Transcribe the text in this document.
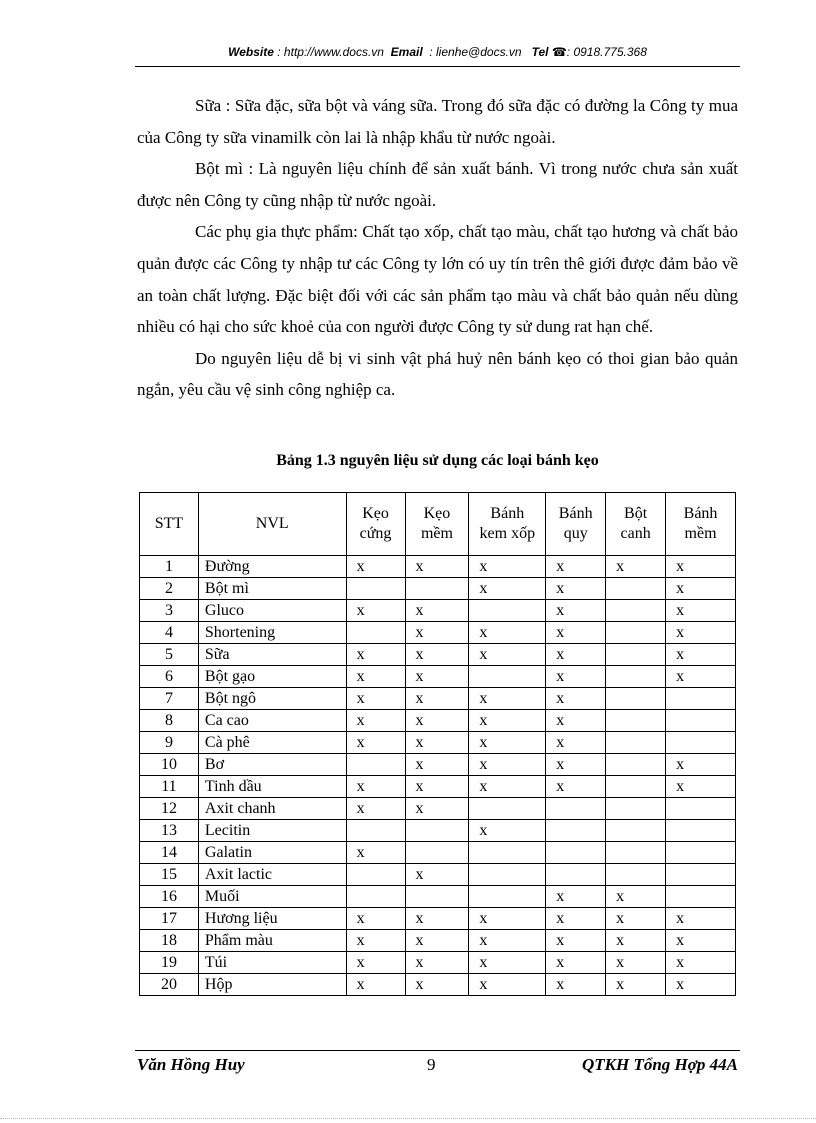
Website : http://www.docs.vn Email : lienhe@docs.vn Tel ☎: 0918.775.368

Sữa : Sữa đặc, sữa bột và váng sữa. Trong đó sữa đặc có đường la Công ty mua của Công ty sữa vinamilk còn lai là nhập khẩu từ nước ngoài.

Bột mì : Là nguyên liệu chính để sản xuất bánh. Vì trong nước chưa sản xuất được nên Công ty cũng nhập từ nước ngoài.

Các phụ gia thực phẩm: Chất tạo xốp, chất tạo màu, chất tạo hương và chất bảo quản được các Công ty nhập tư các Công ty lớn có uy tín trên thê giới được đảm bảo về an toàn chất lượng. Đặc biệt đối với các sản phẩm tạo màu và chất bảo quản nếu dùng nhiều có hại cho sức khoẻ của con người được Công ty sử dung rat hạn chế.

Do nguyên liệu dễ bị vi sinh vật phá huỷ nên bánh kẹo có thoi gian bảo quản ngắn, yêu cầu vệ sinh công nghiệp ca.

Bảng 1.3 nguyên liệu sử dụng các loại bánh kẹo
STT	NVL	Kẹo cứng	Kẹo mềm	Bánh kem xốp	Bánh quy	Bột canh	Bánh mềm
1	Đường	x	x	x	x	x	x
2	Bột mì			x	x		x
3	Gluco	x	x		x		x
4	Shortening		x	x	x		x
5	Sữa	x	x	x	x		x
6	Bột gạo	x	x		x		x
7	Bột ngô	x	x	x	x		
8	Ca cao	x	x	x	x		
9	Cà phê	x	x	x	x		
10	Bơ		x	x	x		x
11	Tinh dầu	x	x	x	x		x
12	Axit chanh	x	x				
13	Lecitin			x			
14	Galatin	x					
15	Axit lactic		x				
16	Muối				x	x	
17	Hương liệu	x	x	x	x	x	x
18	Phẩm màu	x	x	x	x	x	x
19	Túi	x	x	x	x	x	x
20	Hộp	x	x	x	x	x	x
Văn Hồng Huy	9	QTKH Tổng Hợp 44A
